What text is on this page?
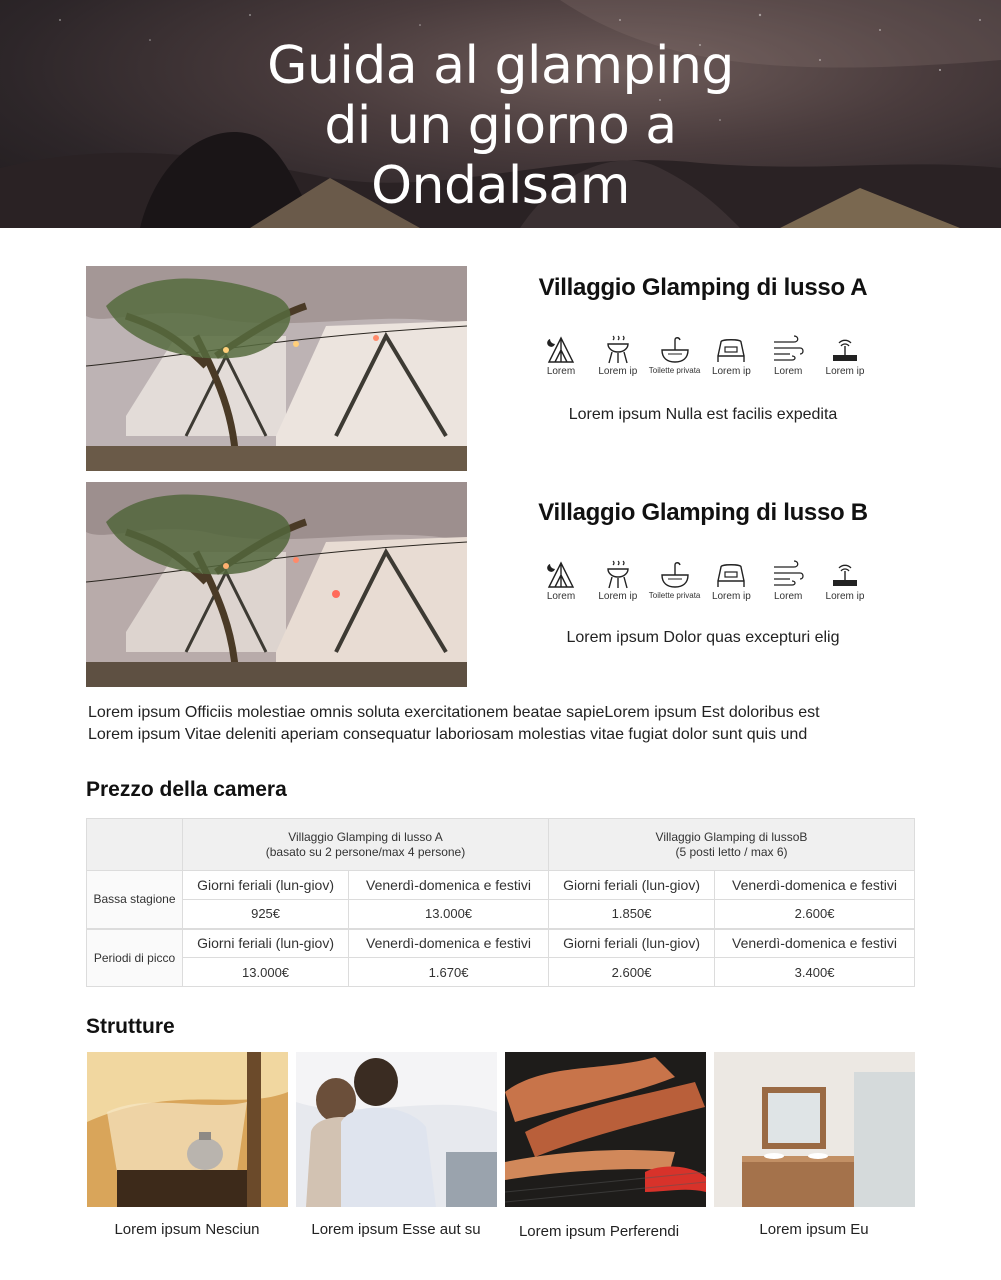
Guida al glamping
di un giorno a
Ondalsam
Villaggio Glamping di lusso A
Lorem Lorem ip Toilette privata Lorem ip Lorem Lorem ip
Lorem ipsum Nulla est facilis expedita
Villaggio Glamping di lusso B
Lorem Lorem ip Toilette privata Lorem ip Lorem Lorem ip
Lorem ipsum Dolor quas excepturi elig
Lorem ipsum Officiis molestiae omnis soluta exercitationem beatae sapieLorem ipsum Est doloribus est
Lorem ipsum Vitae deleniti aperiam consequatur laboriosam molestias vitae fugiat dolor sunt quis und
Prezzo della camera
	Villaggio Glamping di lusso A
(basato su 2 persone/max 4 persone)		Villaggio Glamping di lussoB
(5 posti letto / max 6)	
Bassa stagione	Giorni feriali (lun-giov)	Venerdì-domenica e festivi	Giorni feriali (lun-giov)	Venerdì-domenica e festivi
	925€	13.000€	1.850€	2.600€
Periodi di picco	Giorni feriali (lun-giov)	Venerdì-domenica e festivi	Giorni feriali (lun-giov)	Venerdì-domenica e festivi
	13.000€	1.670€	2.600€	3.400€
Strutture
Lorem ipsum Nesciun	Lorem ipsum Esse aut su	Lorem ipsum Perferendi	Lorem ipsum Eu
